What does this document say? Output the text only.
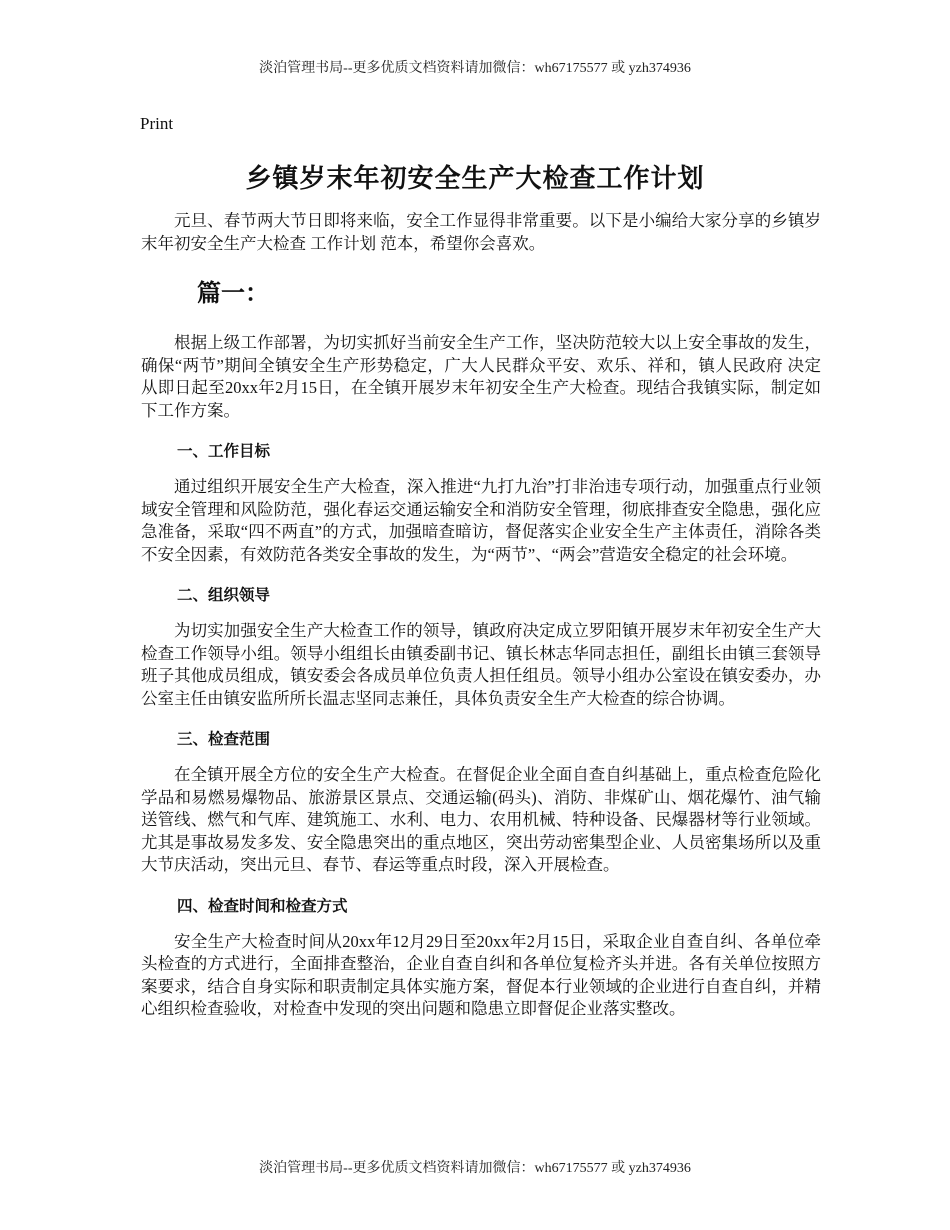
淡泊管理书局--更多优质文档资料请加微信：wh67175577 或 yzh374936
Print
乡镇岁末年初安全生产大检查工作计划

元旦、春节两大节日即将来临，安全工作显得非常重要。以下是小编给大家分享的乡镇岁末年初安全生产大检查 工作计划 范本，希望你会喜欢。

篇一：

根据上级工作部署，为切实抓好当前安全生产工作，坚决防范较大以上安全事故的发生，确保“两节”期间全镇安全生产形势稳定，广大人民群众平安、欢乐、祥和，镇人民政府 决定 从即日起至20xx年2月15日，在全镇开展岁末年初安全生产大检查。现结合我镇实际，制定如下工作方案。

一、工作目标

通过组织开展安全生产大检查，深入推进“九打九治”打非治违专项行动，加强重点行业领域安全管理和风险防范，强化春运交通运输安全和消防安全管理，彻底排查安全隐患，强化应急准备，采取“四不两直”的方式，加强暗查暗访，督促落实企业安全生产主体责任，消除各类不安全因素，有效防范各类安全事故的发生，为“两节”、“两会”营造安全稳定的社会环境。

二、组织领导

为切实加强安全生产大检查工作的领导，镇政府决定成立罗阳镇开展岁末年初安全生产大检查工作领导小组。领导小组组长由镇委副书记、镇长林志华同志担任，副组长由镇三套领导班子其他成员组成，镇安委会各成员单位负责人担任组员。领导小组办公室设在镇安委办，办公室主任由镇安监所所长温志坚同志兼任，具体负责安全生产大检查的综合协调。

三、检查范围

在全镇开展全方位的安全生产大检查。在督促企业全面自查自纠基础上，重点检查危险化学品和易燃易爆物品、旅游景区景点、交通运输(码头)、消防、非煤矿山、烟花爆竹、油气输送管线、燃气和气库、建筑施工、水利、电力、农用机械、特种设备、民爆器材等行业领域。尤其是事故易发多发、安全隐患突出的重点地区，突出劳动密集型企业、人员密集场所以及重大节庆活动，突出元旦、春节、春运等重点时段，深入开展检查。

四、检查时间和检查方式

安全生产大检查时间从20xx年12月29日至20xx年2月15日，采取企业自查自纠、各单位牵头检查的方式进行，全面排查整治，企业自查自纠和各单位复检齐头并进。各有关单位按照方案要求，结合自身实际和职责制定具体实施方案，督促本行业领域的企业进行自查自纠，并精心组织检查验收，对检查中发现的突出问题和隐患立即督促企业落实整改。

淡泊管理书局--更多优质文档资料请加微信：wh67175577 或 yzh374936
